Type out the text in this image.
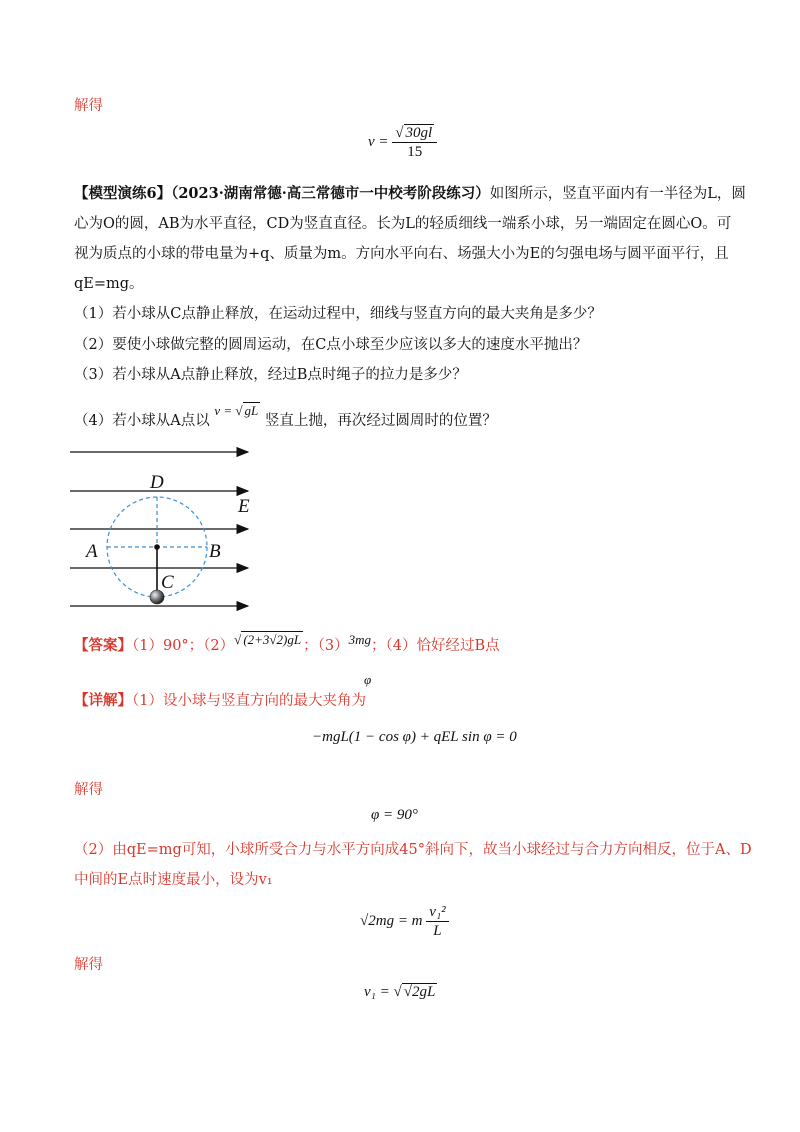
解得
$v = \frac{√ 30gl}{15}$
【模型演练6】（2023·湖南常德·高三常德市一中校考阶段练习）如图所示，竖直平面内有一半径为L，圆
心为O的圆，AB为水平直径，CD为竖直直径。长为L的轻质细线一端系小球，另一端固定在圆心O。可
视为质点的小球的带电量为+q、质量为m。方向水平向右、场强大小为E的匀强电场与圆平面平行，且
qE=mg。
（1）若小球从C点静止释放，在运动过程中，细线与竖直方向的最大夹角是多少？
（2）要使小球做完整的圆周运动，在C点小球至少应该以多大的速度水平抛出？
（3）若小球从A点静止释放，经过B点时绳子的拉力是多少？
（4）若小球从A点以 v = √ gL 竖直上抛，再次经过圆周时的位置？
D
E
A	B
C
【答案】（1）90°；（2）√ (2+3√2)gL ；（3）3mg；（4）恰好经过B点
φ
【详解】（1）设小球与竖直方向的最大夹角为
−mgL(1 − cos φ) + qEL sin φ = 0
解得
φ = 90°
（2）由qE=mg可知，小球所受合力与水平方向成45°斜向下，故当小球经过与合力方向相反，位于A、D
中间的E点时速度最小，设为v₁
√2mg = m $\frac{\text{v₁²}}{L}$
解得
v₁ = √ √2gL
